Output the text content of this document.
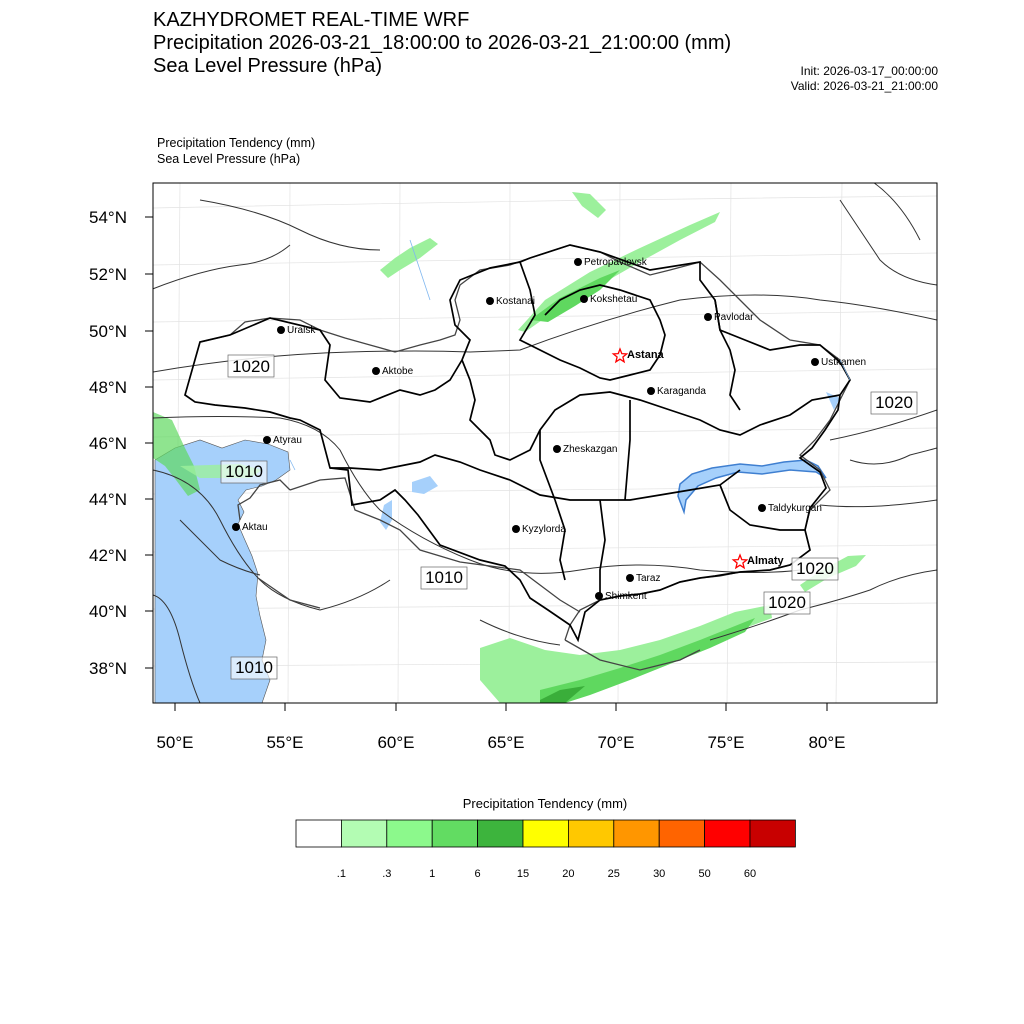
KAZHYDROMET REAL-TIME WRF
Precipitation 2026-03-21_18:00:00 to 2026-03-21_21:00:00 (mm)
Sea Level Pressure (hPa)	Init: 2026-03-17_00:00:00
Valid: 2026-03-21_21:00:00
Precipitation Tendency (mm)
Sea Level Pressure (hPa)
1020
1010
1010
1020
1020
1020
1010
Petropavlovsk
Kostanai	Kokshetau
Pavlodar
Uralsk
Astana
Aktobe
Ustkamen
Karaganda
Atyrau
Zheskazgan
Taldykurgan
Aktau	Kyzylorda
Almaty
Taraz
Shimkent
54°N
52°N
50°N
48°N
46°N
44°N
42°N
40°N
38°N
50°E	55°E	60°E	65°E	70°E	75°E	80°E
Precipitation Tendency (mm)
.1	.3	1	6	15	20	25	30	50	60
